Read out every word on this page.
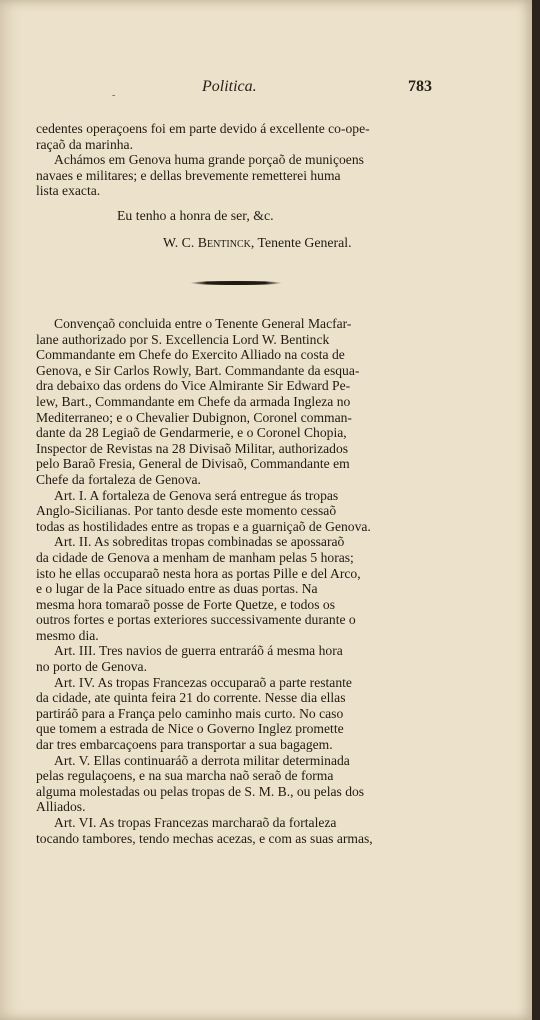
-
Politica.	783
cedentes operaçoens foi em parte devido á excellente co-ope-
raçaõ da marinha.
Achámos em Genova huma grande porçaõ de muniçoens
navaes e militares; e dellas brevemente remetterei huma
lista exacta.
Eu tenho a honra de ser, &c.
W. C. Bentinck, Tenente General.
Convençaõ concluida entre o Tenente General Macfar-
lane authorizado por S. Excellencia Lord W. Bentinck
Commandante em Chefe do Exercito Alliado na costa de
Genova, e Sir Carlos Rowly, Bart. Commandante da esqua-
dra debaixo das ordens do Vice Almirante Sir Edward Pe-
lew, Bart., Commandante em Chefe da armada Ingleza no
Mediterraneo; e o Chevalier Dubignon, Coronel comman-
dante da 28 Legiaõ de Gendarmerie, e o Coronel Chopia,
Inspector de Revistas na 28 Divisaõ Militar, authorizados
pelo Baraõ Fresia, General de Divisaõ, Commandante em
Chefe da fortaleza de Genova.
Art. I. A fortaleza de Genova será entregue ás tropas
Anglo-Sicilianas. Por tanto desde este momento cessaõ
todas as hostilidades entre as tropas e a guarniçaõ de Genova.
Art. II. As sobreditas tropas combinadas se apossaraõ
da cidade de Genova a menham de manham pelas 5 horas;
isto he ellas occuparaõ nesta hora as portas Pille e del Arco,
e o lugar de la Pace situado entre as duas portas. Na
mesma hora tomaraõ posse de Forte Quetze, e todos os
outros fortes e portas exteriores successivamente durante o
mesmo dia.
Art. III. Tres navios de guerra entraráõ á mesma hora
no porto de Genova.
Art. IV. As tropas Francezas occuparaõ a parte restante
da cidade, ate quinta feira 21 do corrente. Nesse dia ellas
partiráõ para a França pelo caminho mais curto. No caso
que tomem a estrada de Nice o Governo Inglez promette
dar tres embarcaçoens para transportar a sua bagagem.
Art. V. Ellas continuaráõ a derrota militar determinada
pelas regulaçoens, e na sua marcha naõ seraõ de forma
alguma molestadas ou pelas tropas de S. M. B., ou pelas dos
Alliados.
Art. VI. As tropas Francezas marcharaõ da fortaleza
tocando tambores, tendo mechas acezas, e com as suas armas,
